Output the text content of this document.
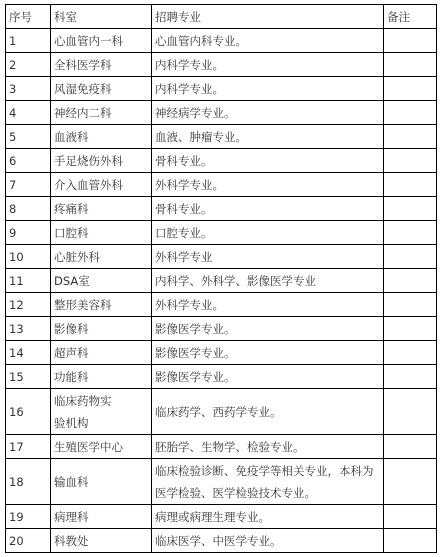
序号	科室	招聘专业	备注
1	心血管内一科	心血管内科专业。	
2	全科医学科	内科学专业。	
3	风湿免疫科	内科学专业。	
4	神经内二科	神经病学专业。	
5	血液科	血液、肿瘤专业。	
6	手足烧伤外科	骨科专业。	
7	介入血管外科	外科学专业。	
8	疼痛科	骨科专业。	
9	口腔科	口腔专业。	
10	心脏外科	外科学专业	
11	DSA室	内科学、外科学、影像医学专业	
12	整形美容科	外科学专业。	
13	影像科	影像医学专业。	
14	超声科	影像医学专业。	
15	功能科	影像医学专业。	
16	临床药物实验机构	临床药学、西药学专业。	
17	生殖医学中心	胚胎学、生物学、检验专业。	
18	输血科	临床检验诊断、免疫学等相关专业，本科为医学检验、医学检验技术专业。	
19	病理科	病理或病理生理专业。	
20	科教处	临床医学、中医学专业。	
